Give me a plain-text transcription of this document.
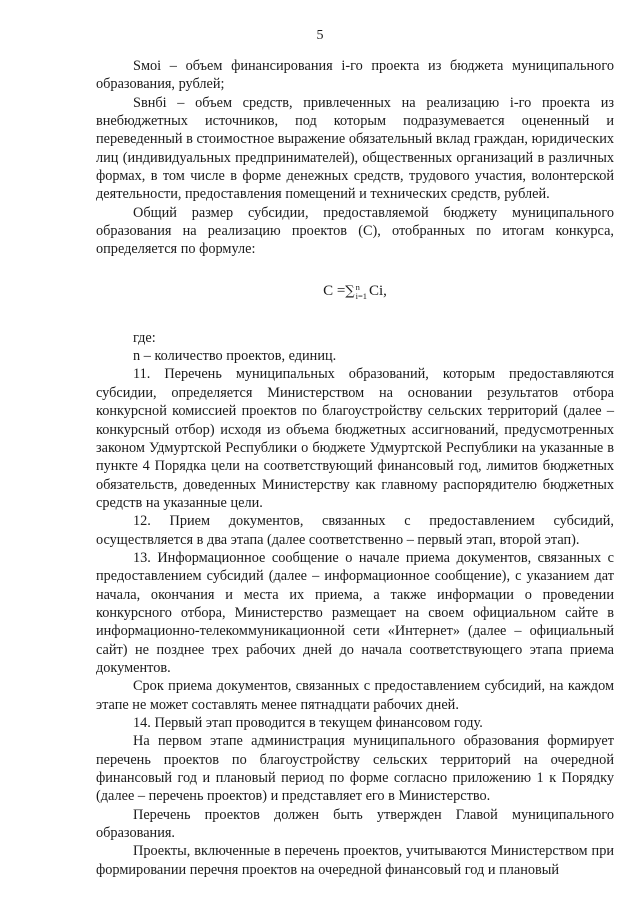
5

Sмoi – объем финансирования i-го проекта из бюджета муниципального образования, рублей;

Sвнбi – объем средств, привлеченных на реализацию i-го проекта из внебюджетных источников, под которым подразумевается оцененный и переведенный в стоимостное выражение обязательный вклад граждан, юридических лиц (индивидуальных предпринимателей), общественных организаций в различных формах, в том числе в форме денежных средств, трудового участия, волонтерской деятельности, предоставления помещений и технических средств, рублей.

Общий размер субсидии, предоставляемой бюджету муниципального образования на реализацию проектов (С), отобранных по итогам конкурса, определяется по формуле:

C = ∑ n
i=1 Ci,

где:

n – количество проектов, единиц.

11. Перечень муниципальных образований, которым предоставляются субсидии, определяется Министерством на основании результатов отбора конкурсной комиссией проектов по благоустройству сельских территорий (далее – конкурсный отбор) исходя из объема бюджетных ассигнований, предусмотренных законом Удмуртской Республики о бюджете Удмуртской Республики на указанные в пункте 4 Порядка цели на соответствующий финансовый год, лимитов бюджетных обязательств, доведенных Министерству как главному распорядителю бюджетных средств на указанные цели.

12. Прием документов, связанных с предоставлением субсидий, осуществляется в два этапа (далее соответственно – первый этап, второй этап).

13. Информационное сообщение о начале приема документов, связанных с предоставлением субсидий (далее – информационное сообщение), с указанием дат начала, окончания и места их приема, а также информации о проведении конкурсного отбора, Министерство размещает на своем официальном сайте в информационно-телекоммуникационной сети «Интернет» (далее – официальный сайт) не позднее трех рабочих дней до начала соответствующего этапа приема документов.

Срок приема документов, связанных с предоставлением субсидий, на каждом этапе не может составлять менее пятнадцати рабочих дней.

14. Первый этап проводится в текущем финансовом году.

На первом этапе администрация муниципального образования формирует перечень проектов по благоустройству сельских территорий на очередной финансовый год и плановый период по форме согласно приложению 1 к Порядку (далее – перечень проектов) и представляет его в Министерство.

Перечень проектов должен быть утвержден Главой муниципального образования.

Проекты, включенные в перечень проектов, учитываются Министерством при формировании перечня проектов на очередной финансовый год и плановый
